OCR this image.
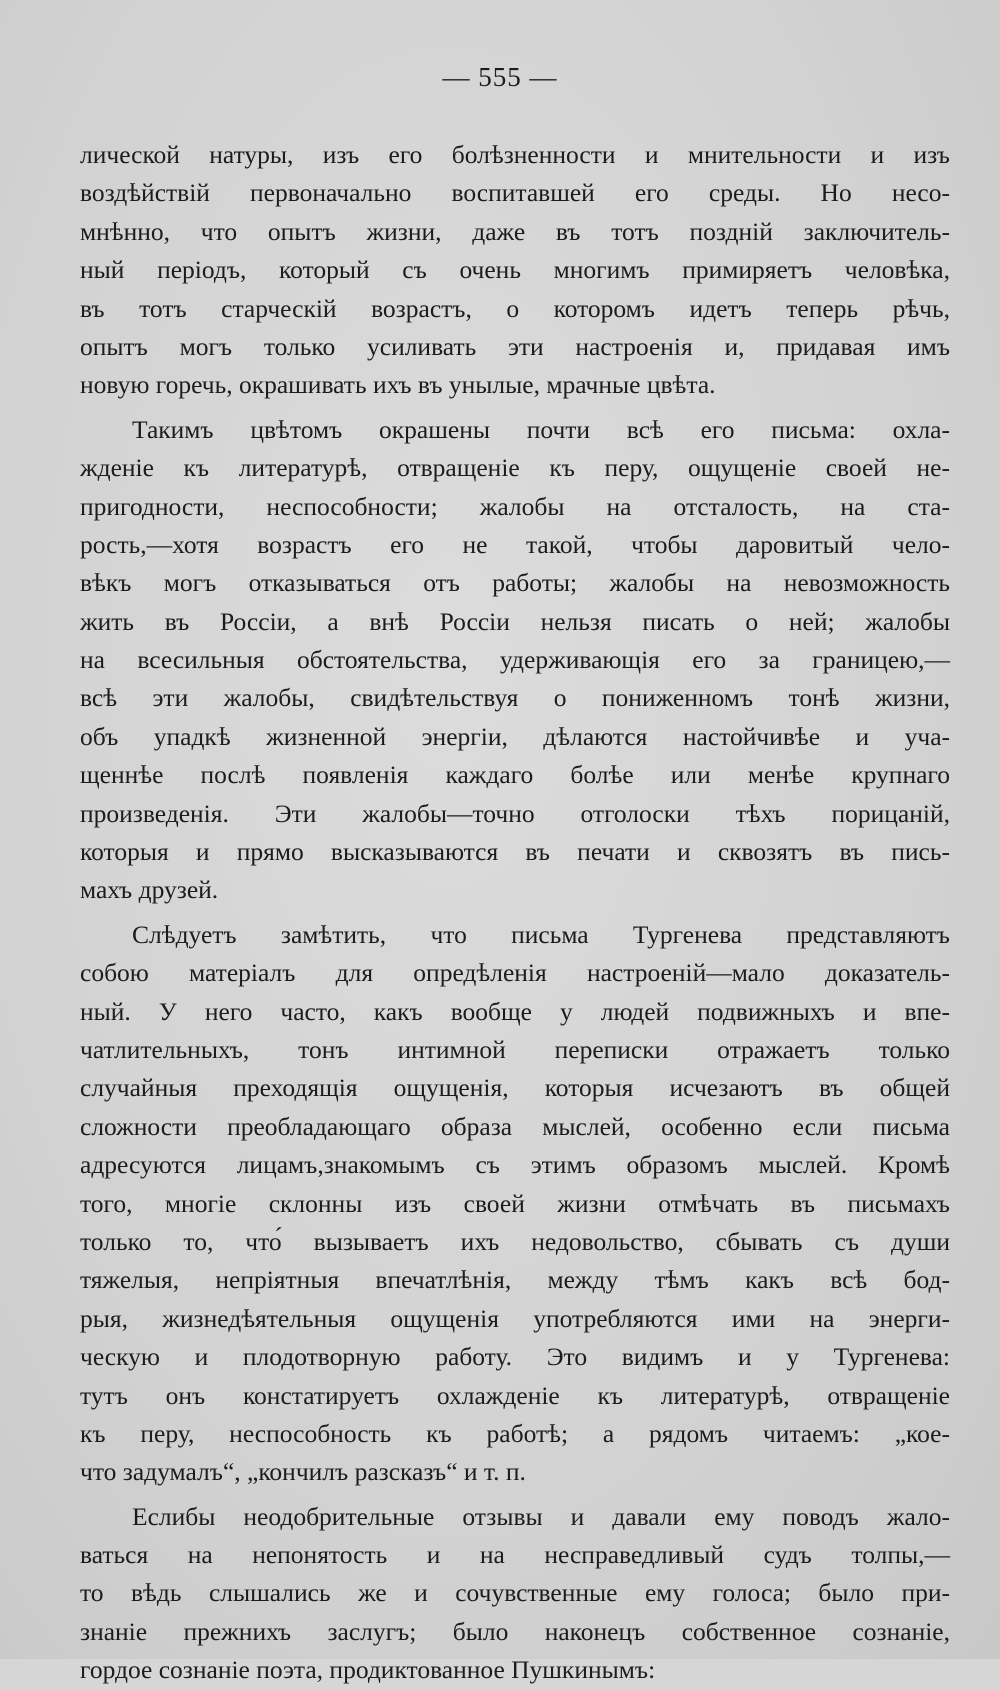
— 555 —
лической натуры, изъ его болѣзненности и мнительности и изъ
воздѣйствій первоначально воспитавшей его среды. Но несо-
мнѣнно, что опытъ жизни, даже въ тотъ поздній заключитель-
ный періодъ, который съ очень многимъ примиряетъ человѣка,
въ тотъ старческій возрастъ, о которомъ идетъ теперь рѣчь,
опытъ могъ только усиливать эти настроенія и, придавая имъ
новую горечь, окрашивать ихъ въ унылые, мрачные цвѣта.
Такимъ цвѣтомъ окрашены почти всѣ его письма: охла-
жденіе къ литературѣ, отвращеніе къ перу, ощущеніе своей не-
пригодности, неспособности; жалобы на отсталость, на ста-
рость,—хотя возрастъ его не такой, чтобы даровитый чело-
вѣкъ могъ отказываться отъ работы; жалобы на невозможность
жить въ Россіи, а внѣ Россіи нельзя писать о ней; жалобы
на всесильныя обстоятельства, удерживающія его за границею,—
всѣ эти жалобы, свидѣтельствуя о пониженномъ тонѣ жизни,
объ упадкѣ жизненной энергіи, дѣлаются настойчивѣе и уча-
щеннѣе послѣ появленія каждаго болѣе или менѣе крупнаго
произведенія. Эти жалобы—точно отголоски тѣхъ порицаній,
которыя и прямо высказываются въ печати и сквозятъ въ пись-
махъ друзей.
Слѣдуетъ замѣтить, что письма Тургенева представляютъ
собою матеріалъ для опредѣленія настроеній—мало доказатель-
ный. У него часто, какъ вообще у людей подвижныхъ и впе-
чатлительныхъ, тонъ интимной переписки отражаетъ только
случайныя преходящія ощущенія, которыя исчезаютъ въ общей
сложности преобладающаго образа мыслей, особенно если письма
адресуются лицамъ,знакомымъ съ этимъ образомъ мыслей. Кромѣ
того, многіе склонны изъ своей жизни отмѣчать въ письмахъ
только то, что́ вызываетъ ихъ недовольство, сбывать съ души
тяжелыя, непріятныя впечатлѣнія, между тѣмъ какъ всѣ бод-
рыя, жизнедѣятельныя ощущенія употребляются ими на энерги-
ческую и плодотворную работу. Это видимъ и у Тургенева:
тутъ онъ констатируетъ охлажденіе къ литературѣ, отвращеніе
къ перу, неспособность къ работѣ; а рядомъ читаемъ: „кое-
что задумалъ“, „кончилъ разсказъ“ и т. п.
Еслибы неодобрительные отзывы и давали ему поводъ жало-
ваться на непонятость и на несправедливый судъ толпы,—
то вѣдь слышались же и сочувственные ему голоса; было при-
знаніе прежнихъ заслугъ; было наконецъ собственное сознаніе,
гордое сознаніе поэта, продиктованное Пушкинымъ:
